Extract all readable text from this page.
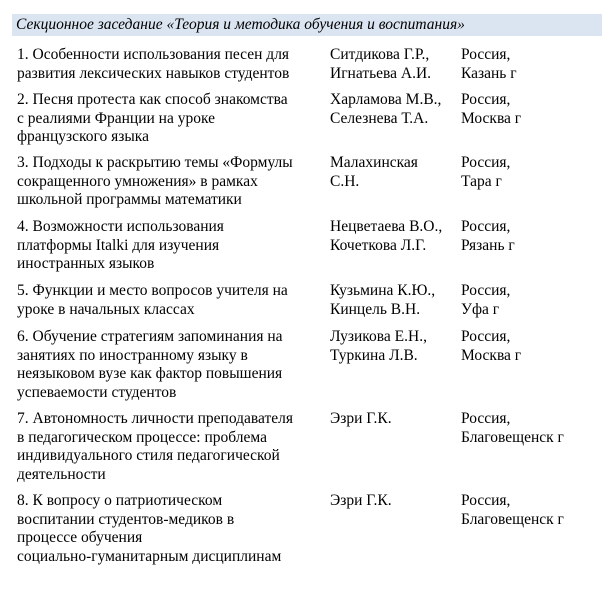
Секционное заседание «Теория и методика обучения и воспитания»
1. Особенности использования песен для
развития лексических навыков студентов
Ситдикова Г.Р.,
Игнатьева А.И.
Россия,
Казань г
2. Песня протеста как способ знакомства
с реалиями Франции на уроке
французского языка
Харламова М.В.,
Селезнева Т.А.
Россия,
Москва г
3. Подходы к раскрытию темы «Формулы
сокращенного умножения» в рамках
школьной программы математики
Малахинская
С.Н.
Россия,
Тара г
4. Возможности использования
платформы Italki для изучения
иностранных языков
Нецветаева В.О.,
Кочеткова Л.Г.
Россия,
Рязань г
5. Функции и место вопросов учителя на
уроке в начальных классах
Кузьмина К.Ю.,
Кинцель В.Н.
Россия,
Уфа г
6. Обучение стратегиям запоминания на
занятиях по иностранному языку в
неязыковом вузе как фактор повышения
успеваемости студентов
Лузикова Е.Н.,
Туркина Л.В.
Россия,
Москва г
7. Автономность личности преподавателя
в педагогическом процессе: проблема
индивидуального стиля педагогической
деятельности
Эзри Г.К.	Россия,
Благовещенск г
8. К вопросу о патриотическом
воспитании студентов-медиков в
процессе обучения
социально-гуманитарным дисциплинам
Эзри Г.К.	Россия,
Благовещенск г
